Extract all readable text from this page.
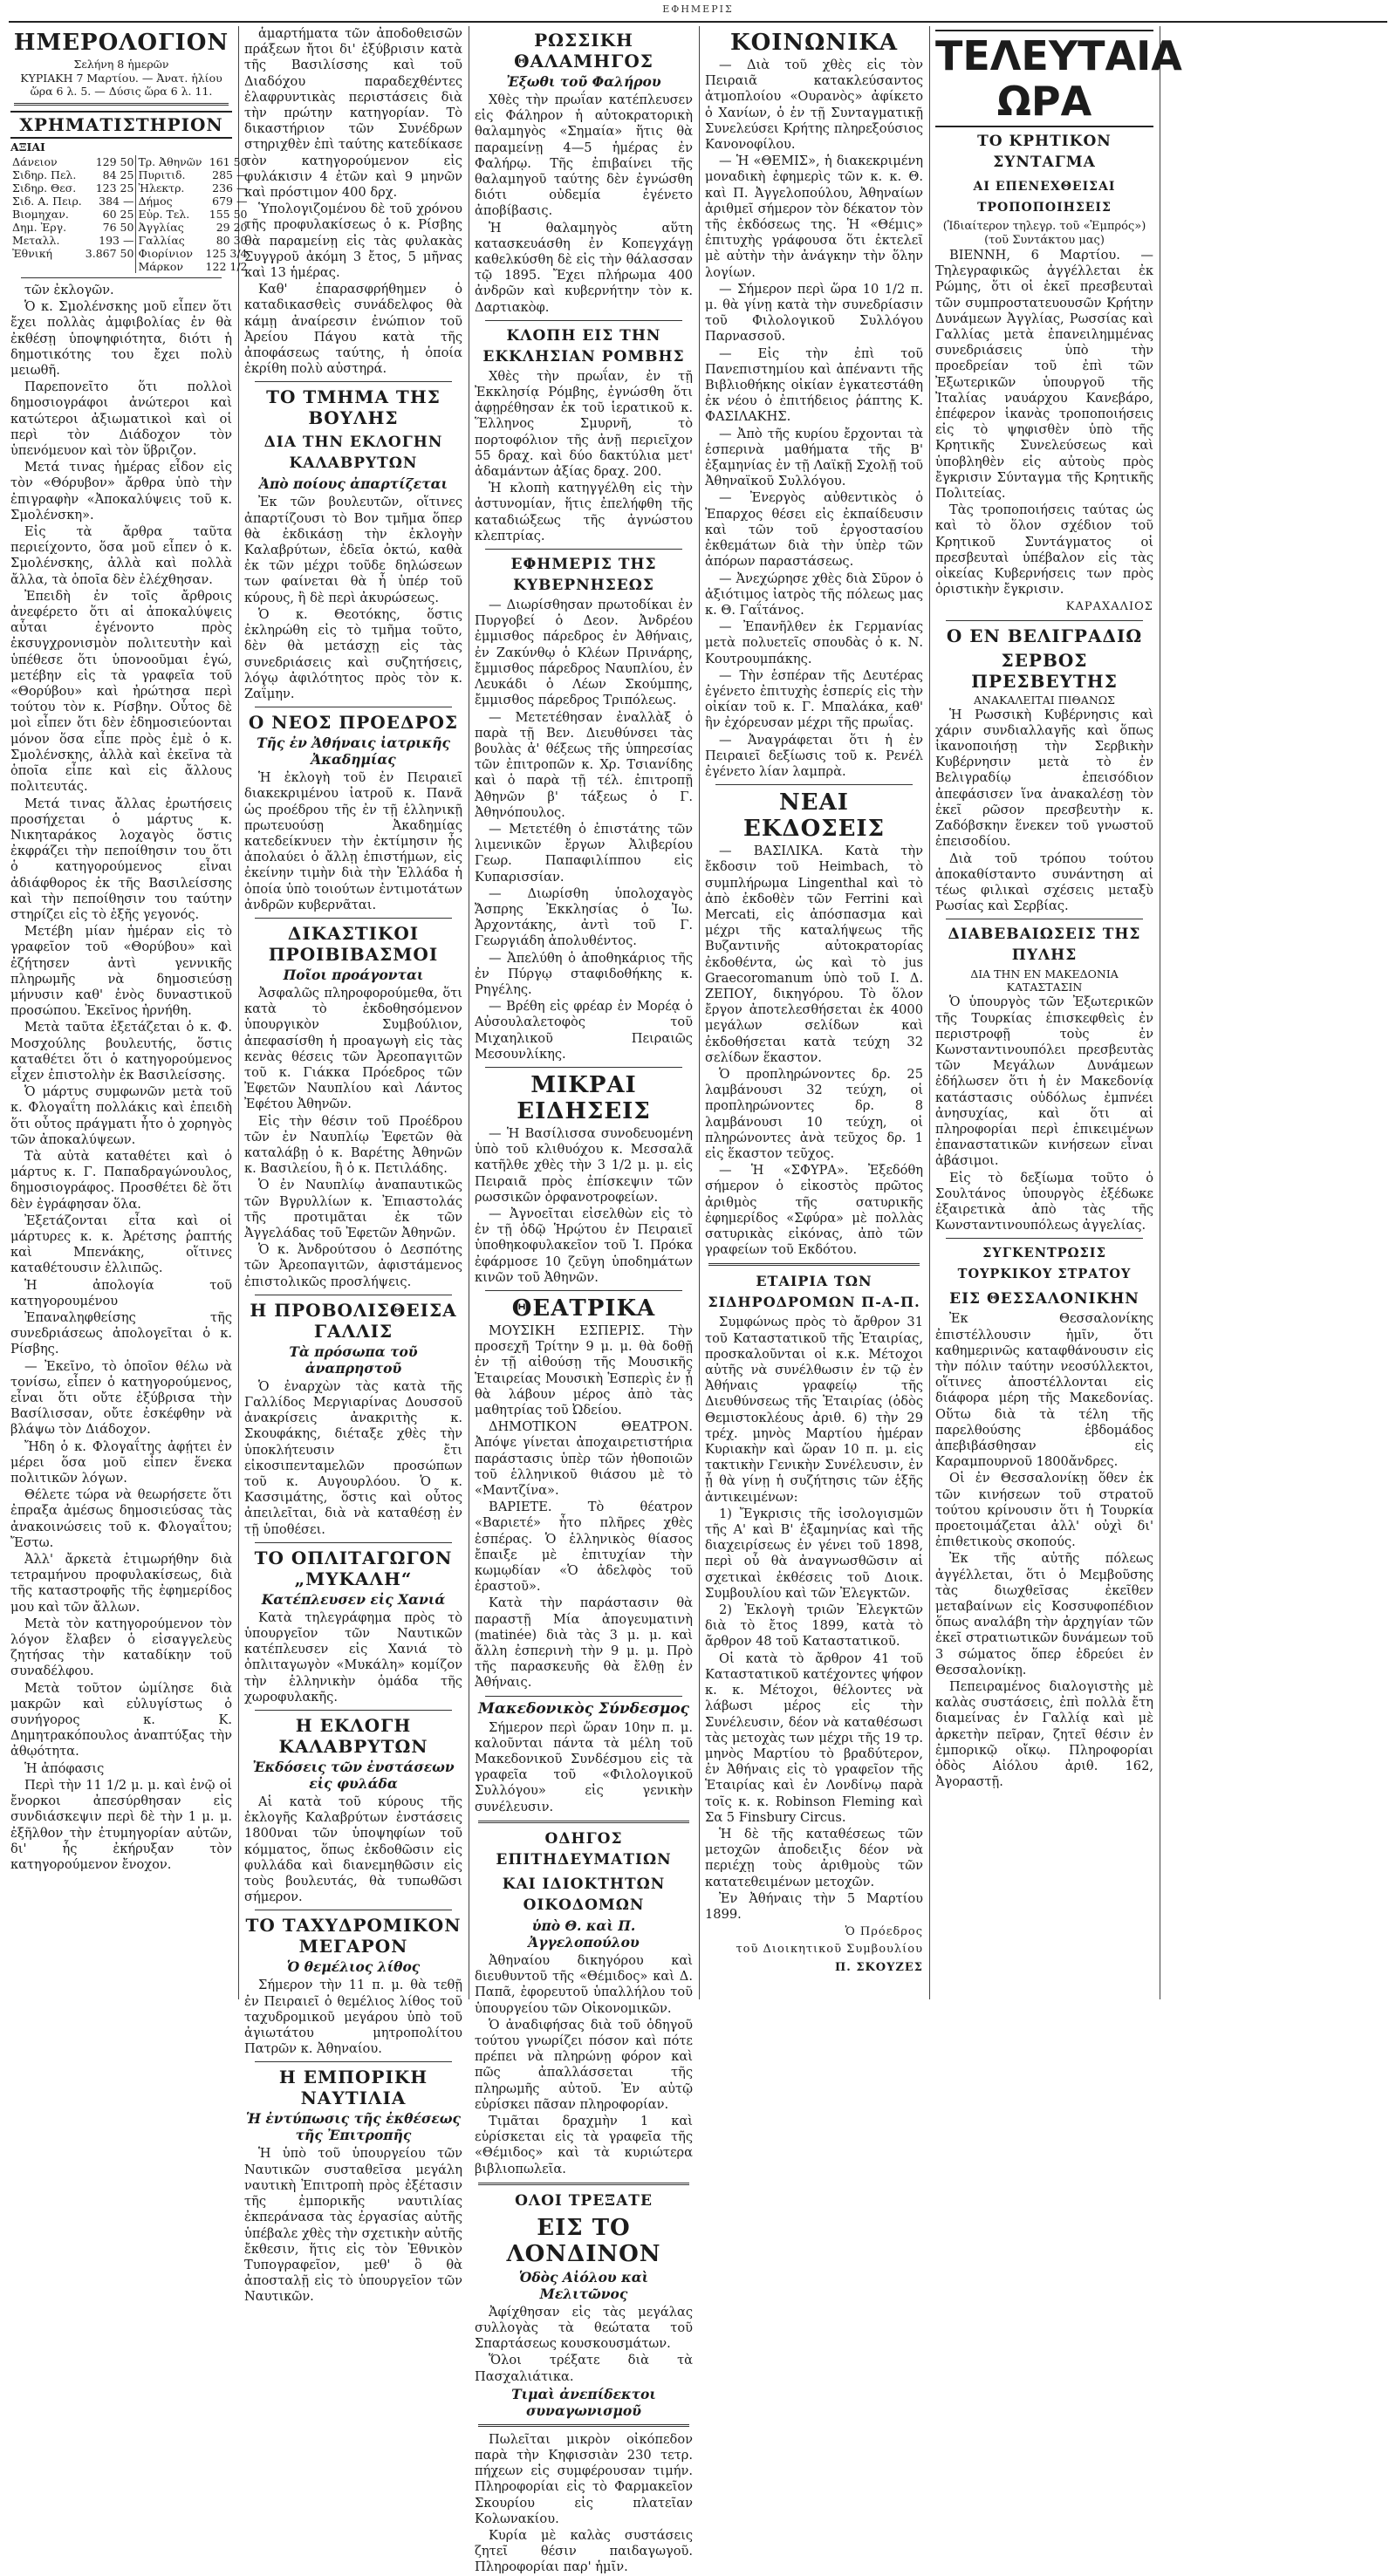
ΕΦΗΜΕΡΙΣ
ΗΜΕΡΟΛΟΓΙΟΝ
Σελήνη 8 ἡμερῶν
ΚΥΡΙΑΚΗ 7 Μαρτίου. — Ἀνατ. ἡλίου ὥρα 6 λ. 5. — Δύσις ὥρα 6 λ. 11.
ΧΡΗΜΑΤΙΣΤΗΡΙΟΝ
ΑΞΙΑΙ
Δάνειον	129 50	Τρ. Ἀθηνῶν	161 50
Σιδηρ. Πελ.	84 25	Πυριτιδ.	285 —
Σιδηρ. Θεσ.	123 25	Ἠλεκτρ.	236 —
Σιδ. Α. Πειρ.	384 —	Δήμος	679 —
Βιομηχαν.	60 25	Εὐρ. Τελ.	155 50
Δημ. Ἐργ.	76 50	Ἀγγλίας	29 20
Μεταλλ.	193 —	Γαλλίας	80 30
Ἐθνική	3.867 50	Φιορίνιον	125 3/4
		Μάρκον	122 1/2

τῶν ἐκλογῶν.

Ὁ κ. Σμολένσκης μοῦ εἶπεν ὅτι ἔχει πολλὰς ἀμφιβολίας ἐν θὰ ἐκθέσῃ ὑποψηφιότητα, διότι ἡ δημοτικότης του ἔχει πολὺ μειωθῆ.

Παρεπονεῖτο ὅτι πολλοὶ δημοσιογράφοι ἀνώτεροι καὶ κατώτεροι ἀξιωματικοὶ καὶ οἱ περὶ τὸν Διάδοχον τὸν ὑπενόμευον καὶ τὸν ὕβριζον.

Μετά τινας ἡμέρας εἶδον εἰς τὸν «Θόρυβον» ἄρθρα ὑπὸ τὴν ἐπιγραφὴν «Ἀποκαλύψεις τοῦ κ. Σμολένσκη».

Εἰς τὰ ἄρθρα ταῦτα περιείχοντο, ὅσα μοῦ εἶπεν ὁ κ. Σμολένσκης, ἀλλὰ καὶ πολλὰ ἄλλα, τὰ ὁποῖα δὲν ἐλέχθησαν.

Ἐπειδὴ ἐν τοῖς ἄρθροις ἀνεφέρετο ὅτι αἱ ἀποκαλύψεις αὗται ἐγένοντο πρὸς ἐκσυγχρονισμὸν πολιτευτὴν καὶ ὑπέθεσε ὅτι ὑπονοοῦμαι ἐγώ, μετέβην εἰς τὰ γραφεῖα τοῦ «Θορύβου» καὶ ἠρώτησα περὶ τούτου τὸν κ. Ρίσβην. Οὗτος δὲ μοὶ εἶπεν ὅτι δὲν ἐδημοσιεύονται μόνον ὅσα εἶπε πρὸς ἐμὲ ὁ κ. Σμολένσκης, ἀλλὰ καὶ ἐκεῖνα τὰ ὁποῖα εἶπε καὶ εἰς ἄλλους πολιτευτάς.

Μετά τινας ἄλλας ἐρωτήσεις προσήχεται ὁ μάρτυς κ. Νικηταράκος λοχαγὸς ὅστις ἐκφράζει τὴν πεποίθησιν του ὅτι ὁ κατηγορούμενος εἶναι ἀδιάφθορος ἐκ τῆς Βασιλείσσης καὶ τὴν πεποίθησιν του ταύτην στηρίζει εἰς τὸ ἐξῆς γεγονός.

Μετέβη μίαν ἡμέραν εἰς τὸ γραφεῖον τοῦ «Θορύβου» καὶ ἐζήτησεν ἀντὶ γεννικῆς πληρωμῆς νὰ δημοσιεύσῃ μήνυσιν καθ' ἑνὸς δυναστικοῦ προσώπου. Ἐκεῖνος ἠρνήθη.

Μετὰ ταῦτα ἐξετάζεται ὁ κ. Φ. Μοσχούλης βουλευτής, ὅστις καταθέτει ὅτι ὁ κατηγορούμενος εἶχεν ἐπιστολὴν ἐκ Βασιλείσσης.

Ὁ μάρτυς συμφωνῶν μετὰ τοῦ κ. Φλογαΐτη πολλάκις καὶ ἐπειδὴ ὅτι οὗτος πράγματι ἦτο ὁ χορηγὸς τῶν ἀποκαλύψεων.

Τὰ αὐτὰ καταθέτει καὶ ὁ μάρτυς κ. Γ. Παπαδραγώνουλος, δημοσιογράφος. Προσθέτει δὲ ὅτι δὲν ἐγράφησαν ὅλα.

Ἐξετάζονται εἶτα καὶ οἱ μάρτυρες κ. κ. Ἀρέτσης ῥαπτής καὶ Μπενάκης, οἵτινες καταθέτουσιν ἐλλιπῶς.

Ἡ ἀπολογία τοῦ κατηγορουμένου

Ἐπαναληφθείσης τῆς συνεδριάσεως ἀπολογεῖται ὁ κ. Ρίσβης.

— Ἐκεῖνο, τὸ ὁποῖον θέλω νὰ τονίσω, εἶπεν ὁ κατηγορούμενος, εἶναι ὅτι οὔτε ἐξύβρισα τὴν Βασίλισσαν, οὔτε ἐσκέφθην νὰ βλάψω τὸν Διάδοχον.

Ἤδη ὁ κ. Φλογαΐτης ἀφῄτει ἐν μέρει ὅσα μοῦ εἶπεν ἕνεκα πολιτικῶν λόγων.

Θέλετε τώρα νὰ θεωρήσετε ὅτι ἐπραξα ἀμέσως δημοσιεύσας τὰς ἀνακοινώσεις τοῦ κ. Φλογαΐτου; Ἔστω.

Ἀλλ' ἄρκετὰ ἐτιμωρήθην διὰ τετραμήνου προφυλακίσεως, διὰ τῆς καταστροφῆς τῆς ἐφημερίδος μου καὶ τῶν ἄλλων.

Μετὰ τὸν κατηγορούμενον τὸν λόγον ἔλαβεν ὁ εἰσαγγελεὺς ζητήσας τὴν καταδίκην τοῦ συναδέλφου.

Μετὰ τοῦτον ὡμίλησε διὰ μακρῶν καὶ εὐλυγίστως ὁ συνήγορος κ. Κ. Δημητρακόπουλος ἀναπτύξας τὴν ἀθῳότητα.

Ἡ ἀπόφασις

Περὶ τὴν 11 1/2 μ. μ. καὶ ἐνῷ οἱ ἔνορκοι ἀπεσύρθησαν εἰς συνδιάσκεψιν περὶ δὲ τὴν 1 μ. μ. ἐξῆλθον τὴν ἐτυμηγορίαν αὐτῶν, δι' ἧς ἐκήρυξαν τὸν κατηγορούμενον ἔνοχον.

ἁμαρτήματα τῶν ἀποδοθεισῶν πράξεων ἤτοι δι' ἐξύβρισιν κατὰ τῆς Βασιλίσσης καὶ τοῦ Διαδόχου παραδεχθέντες ἐλαφρυντικὰς περιστάσεις διὰ τὴν πρώτην κατηγορίαν. Τὸ δικαστήριον τῶν Συνέδρων στηριχθὲν ἐπὶ ταύτης κατεδίκασε τὸν κατηγορούμενον εἰς φυλάκισιν 4 ἐτῶν καὶ 9 μηνῶν καὶ πρόστιμον 400 δρχ.

Ὑπολογιζομένου δὲ τοῦ χρόνου τῆς προφυλακίσεως ὁ κ. Ρίσβης θὰ παραμείνῃ εἰς τὰς φυλακὰς Συγγροῦ ἀκόμη 3 ἔτος, 5 μῆνας καὶ 13 ἡμέρας.

Καθ' ἐπαρασφρήθημεν ὁ καταδικασθεὶς συνάδελφος θὰ κάμῃ ἀναίρεσιν ἐνώπιον τοῦ Ἀρείου Πάγου κατὰ τῆς ἀποφάσεως ταύτης, ἡ ὁποία ἐκρίθη πολὺ αὐστηρά.

ΤΟ ΤΜΗΜΑ ΤΗΣ ΒΟΥΛΗΣ
ΔΙΑ ΤΗΝ ΕΚΛΟΓΗΝ ΚΑΛΑΒΡΥΤΩΝ
Ἀπὸ ποίους ἀπαρτίζεται

Ἐκ τῶν βουλευτῶν, οἵτινες ἀπαρτίζουσι τὸ Βον τμῆμα ὅπερ θὰ ἐκδικάσῃ τὴν ἐκλογὴν Καλαβρύτων, ἐδεῖα ὀκτώ, καθὰ ἐκ τῶν μέχρι τοῦδε δηλώσεων των φαίνεται θὰ ἦ ὑπέρ τοῦ κύρους, ἢ δὲ περὶ ἀκυρώσεως.

Ὁ κ. Θεοτόκης, ὅστις ἐκληρώθη εἰς τὸ τμῆμα τοῦτο, δὲν θὰ μετάσχῃ εἰς τὰς συνεδριάσεις καὶ συζητήσεις, λόγῳ ἀφιλότητος πρὸς τὸν κ. Ζαΐμην.

Ο ΝΕΟΣ ΠΡΟΕΔΡΟΣ
Τῆς ἐν Ἀθήναις ἰατρικῆς Ἀκαδημίας

Ἡ ἐκλογὴ τοῦ ἐν Πειραιεῖ διακεκριμένου ἰατροῦ κ. Πανᾶ ὡς προέδρου τῆς ἐν τῇ ἑλληνικῇ πρωτευούσῃ Ἀκαδημίας κατεδείκνυεν τὴν ἐκτίμησιν ἧς ἀπολαύει ὁ ἄλλῃ ἐπιστήμων, εἰς ἐκείνην τιμὴν διὰ τὴν Ἑλλάδα ἡ ὁποία ὑπὸ τοιούτων ἐντιμοτάτων ἀνδρῶν κυβερνᾶται.

ΔΙΚΑΣΤΙΚΟΙ ΠΡΟΙΒΙΒΑΣΜΟΙ
Ποῖοι προάγονται

Ἀσφαλῶς πληροφορούμεθα, ὅτι κατὰ τὸ ἐκδοθησόμενον ὑπουργικὸν Συμβούλιον, ἀπεφασίσθη ἡ προαγωγὴ εἰς τὰς κενὰς θέσεις τῶν Ἀρεοπαγιτῶν τοῦ κ. Γιάκκα Πρόεδρος τῶν Ἐφετῶν Ναυπλίου καὶ Λάντος Ἐφέτου Ἀθηνῶν.

Εἰς τὴν θέσιν τοῦ Προέδρου τῶν ἐν Ναυπλίῳ Ἐφετῶν θὰ καταλάβῃ ὁ κ. Βαρέτης Ἀθηνῶν κ. Βασιλείου, ἢ ὁ κ. Πετιλάδης.

Ὁ ἐν Ναυπλίῳ ἀναπαυτικῶς τῶν Βγρυλλίων κ. Ἐπιαστολάς τῆς προτιμᾶται ἐκ τῶν Ἀγγελάδας τοῦ Ἐφετῶν Ἀθηνῶν.

Ὁ κ. Ἀνδρούτσου ὁ Δεσπότης τῶν Ἀρεοπαγιτῶν, ἀφιστάμενος ἐπιστολικῶς προσλήψεις.

Η ΠΡΟΒΟΛΙΣΘΕΙΣΑ ΓΑΛΛΙΣ
Τὰ πρόσωπα τοῦ ἀναπρηστοῦ

Ὁ ἐναρχὼν τὰς κατὰ τῆς Γαλλίδος Μεργιαρίνας Δουσσοῦ ἀνακρίσεις ἀνακριτὴς κ. Σκουφάκης, διέταξε χθὲς τὴν ὑποκλήτευσιν ἔτι εἰκοσιπενταμελῶν προσώπων τοῦ κ. Αυγουρλόου. Ὁ κ. Κασσιμάτης, ὅστις καὶ οὗτος ἀπειλεῖται, διὰ νὰ καταθέσῃ ἐν τῇ ὑποθέσει.

ΤΟ ΟΠΛΙΤΑΓΩΓΟΝ „ΜΥΚΑΛΗ“
Κατέπλευσεν εἰς Χανιά

Κατὰ τηλεγράφημα πρὸς τὸ ὑπουργεῖον τῶν Ναυτικῶν κατέπλευσεν εἰς Χανιά τὸ ὁπλιταγωγὸν «Μυκάλη» κομίζον τὴν ἑλληνικὴν ὁμάδα τῆς χωροφυλακῆς.

Η ΕΚΛΟΓΗ ΚΑΛΑΒΡΥΤΩΝ
Ἐκδόσεις τῶν ἐνστάσεων εἰς φυλάδα

Αἱ κατὰ τοῦ κύρους τῆς ἐκλογῆς Καλαβρύτων ἐνστάσεις 1800ναι τῶν ὑποψηφίων τοῦ κόμματος, ὅπως ἐκδοθῶσιν εἰς φυλλάδα καὶ διανεμηθῶσιν εἰς τοὺς βουλευτάς, θὰ τυπωθῶσι σήμερον.

ΤΟ ΤΑΧΥΔΡΟΜΙΚΟΝ ΜΕΓΑΡΟΝ
Ὁ θεμέλιος λίθος

Σήμερον τὴν 11 π. μ. θὰ τεθῇ ἐν Πειραιεῖ ὁ θεμέλιος λίθος τοῦ ταχυδρομικοῦ μεγάρου ὑπὸ τοῦ ἀγιωτάτου μητροπολίτου Πατρῶν κ. Ἀθηναίου.

Η ΕΜΠΟΡΙΚΗ ΝΑΥΤΙΛΙΑ
Ἡ ἐντύπωσις τῆς ἐκθέσεως τῆς Ἐπιτροπῆς

Ἡ ὑπὸ τοῦ ὑπουργείου τῶν Ναυτικῶν συσταθεῖσα μεγάλη ναυτικὴ Ἐπιτροπὴ πρὸς ἐξέτασιν τῆς ἐμπορικῆς ναυτιλίας ἐκπεράνασα τὰς ἐργασίας αὐτῆς ὑπέβαλε χθὲς τὴν σχετικὴν αὐτῆς ἔκθεσιν, ἥτις εἰς τὸν Ἐθνικὸν Τυπογραφεῖον, μεθ' ὃ θὰ ἀποσταλῇ εἰς τὸ ὑπουργεῖον τῶν Ναυτικῶν.

ΡΩΣΣΙΚΗ ΘΑΛΑΜΗΓΟΣ
Ἐξωθι τοῦ Φαλήρου

Χθὲς τὴν πρωΐαν κατέπλευσεν εἰς Φάληρον ἡ αὐτοκρατορικὴ θαλαμηγὸς «Σημαία» ἥτις θὰ παραμείνῃ 4—5 ἡμέρας ἐν Φαλήρῳ. Τῆς ἐπιβαίνει τῆς θαλαμηγοῦ ταύτης δὲν ἐγνώσθη διότι οὐδεμία ἐγένετο ἀποβίβασις.

Ἡ θαλαμηγὸς αὕτη κατασκευάσθη ἐν Κοπεγχάγῃ καθελκύσθη δὲ εἰς τὴν θάλασσαν τῷ 1895. Ἔχει πλήρωμα 400 ἀνδρῶν καὶ κυβερνήτην τὸν κ. Δαρτιακὸφ.

ΚΛΟΠΗ ΕΙΣ ΤΗΝ ΕΚΚΛΗΣΙΑΝ ΡΟΜΒΗΣ

Χθὲς τὴν πρωΐαν, ἐν τῇ Ἐκκλησίᾳ Ρόμβης, ἐγνώσθη ὅτι ἀφῃρέθησαν ἐκ τοῦ ἱερατικοῦ κ. Ἕλληνος Σμυρνῆ, τὸ πορτοφόλιον τῆς ἀνῇ περιεῖχον 55 δραχ. καὶ δύο δακτύλια μετ' ἀδαμάντων ἀξίας δραχ. 200.

Ἡ κλοπὴ κατηγγέλθη εἰς τὴν ἀστυνομίαν, ἥτις ἐπελήφθη τῆς καταδιώξεως τῆς ἀγνώστου κλεπτρίας.

ΕΦΗΜΕΡΙΣ ΤΗΣ ΚΥΒΕΡΝΗΣΕΩΣ

— Διωρίσθησαν πρωτοδίκαι ἐν Πυργοβεί ὁ Δεον. Ἀνδρέου ἐμμισθος πάρεδρος ἐν Ἀθήναις, ἐν Ζακύνθῳ ὁ Κλέων Πρινάρης, ἔμμισθος πάρεδρος Ναυπλίου, ἐν Λευκάδι ὁ Λέων Σκούμπης, ἔμμισθος πάρεδρος Τριπόλεως.

— Μετετέθησαν ἐναλλὰξ ὁ παρὰ τῇ Βεν. Διευθύνσει τὰς βουλὰς ἀ' θέξεως τῆς ὑπηρεσίας τῶν ἐπιτροπῶν κ. Χρ. Τσιανίδης καὶ ὁ παρὰ τῇ τέλ. ἐπιτροπῇ Ἀθηνῶν β' τάξεως ὁ Γ. Ἀθηνόπουλος.

— Μετετέθη ὁ ἐπιστάτης τῶν λιμενικῶν ἔργων Ἀλιβερίου Γεωρ. Παπαφιλίππου εἰς Κυπαρισσίαν.

— Διωρίσθη ὑπολοχαγὸς Ἄσπρης Ἐκκλησίας ὁ Ἰω. Ἀρχοντάκης, ἀντὶ τοῦ Γ. Γεωργιάδη ἀπολυθέντος.

— Ἀπελύθη ὁ ἀποθηκάριος τῆς ἐν Πύργῳ σταφιδοθήκης κ. Ρηγέλης.

— Βρέθη εἰς φρέαρ ἐν Μορέᾳ ὁ Αὐσουλαλετοφὸς τοῦ Μιχαηλικοῦ Πειραιῶς Μεσουνλίκης.

ΜΙΚΡΑΙ ΕΙΔΗΣΕΙΣ

— Ἡ Βασίλισσα συνοδευομένη ὑπὸ τοῦ κλιθυόχου κ. Μεσσαλᾶ κατῆλθε χθὲς τὴν 3 1/2 μ. μ. εἰς Πειραιᾶ πρὸς ἐπίσκεψιν τῶν ρωσσικῶν ὀρφανοτροφείων.

— Ἀγνοεῖται εἰσελθὼν εἰς τὸ ἐν τῇ ὁδῷ Ἡρῴτου ἐν Πειραιεῖ ὑποθηκοφυλακεῖον τοῦ Ἰ. Πρόκα ἐφάρμοσε 10 ζεῦγη ὑποδημάτων κινῶν τοῦ Ἀθηνῶν.

ΘΕΑΤΡΙΚΑ

ΜΟΥΣΙΚΗ ΕΣΠΕΡΙΣ. Τὴν προσεχῆ Τρίτην 9 μ. μ. θὰ δοθῇ ἐν τῇ αἰθούσῃ τῆς Μουσικῆς Ἑταιρείας Μουσικὴ Ἑσπερὶς ἐν ᾗ θὰ λάβουν μέρος ἀπὸ τὰς μαθητρίας τοῦ Ὠδείου.

ΔΗΜΟΤΙΚΟΝ ΘΕΑΤΡΟΝ. Ἀπόψε γίνεται ἀποχαιρετιστήρια παράστασις ὑπὲρ τῶν ἠθοποιῶν τοῦ ἑλληνικοῦ θιάσου μὲ τὸ «Μαντζίνα».

ΒΑΡΙΕΤΕ. Τὸ θέατρον «Βαριετέ» ἦτο πλῆρες χθὲς ἐσπέρας. Ὁ ἑλληνικὸς θίασος ἔπαιξε μὲ ἐπιτυχίαν τὴν κωμῳδίαν «Ὁ ἀδελφὸς τοῦ ἐραστοῦ».

Κατὰ τὴν παράστασιν θὰ παραστῇ Μία ἀπογευματινὴ (matinée) διὰ τὰς 3 μ. μ. καὶ ἄλλη ἐσπερινὴ τὴν 9 μ. μ. Πρὸ τῆς παρασκευῆς θὰ ἔλθῃ ἐν Ἀθήναις.

Μακεδονικὸς Σύνδεσμος

Σήμερον περὶ ὥραν 10ην π. μ. καλοῦνται πάντα τὰ μέλη τοῦ Μακεδονικοῦ Συνδέσμου εἰς τὰ γραφεῖα τοῦ «Φιλολογικοῦ Συλλόγου» εἰς γενικὴν συνέλευσιν.

ΟΔΗΓΟΣ ΕΠΙΤΗΔΕΥΜΑΤΙΩΝ
ΚΑΙ ΙΔΙΟΚΤΗΤΩΝ ΟΙΚΟΔΟΜΩΝ
ὑπὸ Θ. καὶ Π. Ἀγγελοπούλου

Ἀθηναίου δικηγόρου καὶ διευθυντοῦ τῆς «Θέμιδος» καὶ Δ. Παπᾶ, ἐφορευτοῦ ὑπαλλήλου τοῦ ὑπουργείου τῶν Οἰκονομικῶν.

Ὁ ἀναδιφήσας διὰ τοῦ ὁδηγοῦ τούτου γνωρίζει πόσον καὶ πότε πρέπει νὰ πληρώνῃ φόρον καὶ πῶς ἀπαλλάσσεται τῆς πληρωμῆς αὐτοῦ. Ἐν αὐτῷ εὑρίσκει πᾶσαν πληροφορίαν.

Τιμᾶται δραχμὴν 1 καὶ εὑρίσκεται εἰς τὰ γραφεῖα τῆς «Θέμιδος» καὶ τὰ κυριώτερα βιβλιοπωλεῖα.

ΟΛΟΙ ΤΡΕΞΑΤΕ
ΕΙΣ ΤΟ ΛΟΝΔΙΝΟΝ
Ὁδὸς Αἰόλου καὶ Μελιτῶνος

Ἀφίχθησαν εἰς τὰς μεγάλας συλλογὰς τὰ θεώτατα τοῦ Σπαρτάσεως κουσκουσμάτων.

Ὅλοι τρέξατε διὰ τὰ Πασχαλιάτικα.

Τιμαὶ ἀνεπίδεκτοι συναγωνισμοῦ

Πωλεῖται μικρὸν οἰκόπεδον παρὰ τὴν Κηφισσιὰν 230 τετρ. πήχεων εἰς συμφέρουσαν τιμήν. Πληροφορίαι εἰς τὸ Φαρμακεῖον Σκουρίου εἰς πλατεῖαν Κολωνακίου.

Κυρία μὲ καλὰς συστάσεις ζητεῖ θέσιν παιδαγωγοῦ. Πληροφορίαι παρ' ἡμῖν.

ΚΟΙΝΩΝΙΚΑ

— Διὰ τοῦ χθὲς εἰς τὸν Πειραιᾶ κατακλεύσαντος ἀτμοπλοίου «Ουρανὸς» ἀφίκετο ὁ Χανίων, ὁ ἐν τῇ Συνταγματικῇ Συνελεύσει Κρήτης πληρεξούσιος Κανονοφίλου.

— Ἡ «ΘΕΜΙΣ», ἡ διακεκριμένη μοναδικὴ ἐφημερὶς τῶν κ. κ. Θ. καὶ Π. Ἀγγελοπούλου, Ἀθηναίων ἀριθμεῖ σήμερον τὸν δέκατον τὸν τῆς ἐκδόσεως της. Ἡ «Θέμις» ἐπιτυχὴς γράφουσα ὅτι ἐκτελεῖ μὲ αὐτὴν τὴν ἀνάγκην τὴν ὅλην λογίων.

— Σήμερον περὶ ὥρα 10 1/2 π. μ. θὰ γίνῃ κατὰ τὴν συνεδρίασιν τοῦ Φιλολογικοῦ Συλλόγου Παρνασσοῦ.

— Εἰς τὴν ἐπὶ τοῦ Πανεπιστημίου καὶ ἀπέναντι τῆς Βιβλιοθήκης οἰκίαν ἐγκατεστάθη ἐκ νέου ὁ ἐπιτήδειος ῥάπτης Κ. ΦΑΣΙΛΑΚΗΣ.

— Ἀπὸ τῆς κυρίου ἔρχονται τὰ ἑσπερινὰ μαθήματα τῆς Β' ἐξαμηνίας ἐν τῇ Λαϊκῇ Σχολῇ τοῦ Ἀθηναϊκοῦ Συλλόγου.

— Ἐνεργὸς αὐθεντικὸς ὁ Ἐπαρχος θέσει εἰς ἐκπαίδευσιν καὶ τῶν τοῦ ἐργοστασίου ἐκθεμάτων διὰ τὴν ὑπὲρ τῶν ἀπόρων παραστάσεως.

— Ἀνεχώρησε χθὲς διὰ Σῦρον ὁ ἀξιότιμος ἰατρὸς τῆς πόλεως μας κ. Θ. Γαΐτάνος.

— Ἐπανῆλθεν ἐκ Γερμανίας μετὰ πολυετεῖς σπουδὰς ὁ κ. Ν. Κουτρουμπάκης.

— Τὴν ἑσπέραν τῆς Δευτέρας ἐγένετο ἐπιτυχὴς ἑσπερίς εἰς τὴν οἰκίαν τοῦ κ. Γ. Μπαλάκα, καθ' ἣν ἐχόρευσαν μέχρι τῆς πρωΐας.

— Ἀναγράφεται ὅτι ἡ ἐν Πειραιεῖ δεξίωσις τοῦ κ. Ρενέλ ἐγένετο λίαν λαμπρὰ.

ΝΕΑΙ ΕΚΔΟΣΕΙΣ

— ΒΑΣΙΛΙΚΑ. Κατὰ τὴν ἔκδοσιν τοῦ Heimbach, τὸ συμπλήρωμα Lingenthal καὶ τὸ ἀπὸ ἐκδοθὲν τῶν Ferrini καὶ Mercati, εἰς ἀπόσπασμα καὶ μέχρι τῆς καταλήψεως τῆς Βυζαντινῆς αὐτοκρατορίας ἐκδοθέντα, ὡς καὶ τὸ jus Graecoromanum ὑπὸ τοῦ Ι. Δ. ΖΕΠΟΥ, δικηγόρου. Τὸ ὅλον ἔργον ἀποτελεσθήσεται ἐκ 4000 μεγάλων σελίδων καὶ ἐκδοθήσεται κατὰ τεύχη 32 σελίδων ἕκαστον.

Ὁ προπληρώνοντες δρ. 25 λαμβάνουσι 32 τεύχη, οἱ προπληρώνοντες δρ. 8 λαμβάνουσι 10 τεύχη, οἱ πληρώνοντες ἀνὰ τεῦχος δρ. 1 εἰς ἕκαστον τεῦχος.

— Ἡ «ΣΦΥΡΑ». Ἐξεδόθη σήμερον ὁ εἰκοστὸς πρῶτος ἀριθμὸς τῆς σατυρικῆς ἐφημερίδος «Σφύρα» μὲ πολλὰς σατυρικὰς εἰκόνας, ἀπὸ τῶν γραφείων τοῦ Εκδότου.

ΕΤΑΙΡΙΑ ΤΩΝ ΣΙΔΗΡΟΔΡΟΜΩΝ Π-Α-Π.

Συμφώνως πρὸς τὸ ἄρθρον 31 τοῦ Καταστατικοῦ τῆς Ἑταιρίας, προσκαλοῦνται οἱ κ.κ. Μέτοχοι αὐτῆς νὰ συνέλθωσιν ἐν τῷ ἐν Ἀθήναις γραφείῳ τῆς Διευθύνσεως τῆς Ἑταιρίας (ὁδὸς Θεμιστοκλέους ἀριθ. 6) τὴν 29 τρέχ. μηνὸς Μαρτίου ἡμέραν Κυριακὴν καὶ ὥραν 10 π. μ. εἰς τακτικὴν Γενικὴν Συνέλευσιν, ἐν ᾗ θὰ γίνῃ ἡ συζήτησις τῶν ἑξῆς ἀντικειμένων:

1) Ἔγκρισις τῆς ἰσολογισμῶν τῆς Α' καὶ Β' ἐξαμηνίας καὶ τῆς διαχειρίσεως ἐν γένει τοῦ 1898, περὶ οὗ θὰ ἀναγνωσθῶσιν αἱ σχετικαὶ ἐκθέσεις τοῦ Διοικ. Συμβουλίου καὶ τῶν Ἐλεγκτῶν.

2) Ἐκλογὴ τριῶν Ἐλεγκτῶν διὰ τὸ ἔτος 1899, κατὰ τὸ ἄρθρον 48 τοῦ Καταστατικοῦ.

Οἱ κατὰ τὸ ἄρθρον 41 τοῦ Καταστατικοῦ κατέχοντες ψήφον κ. κ. Μέτοχοι, θέλοντες νὰ λάβωσι μέρος εἰς τὴν Συνέλευσιν, δέον νὰ καταθέσωσι τὰς μετοχὰς των μέχρι τῆς 19 τρ. μηνὸς Μαρτίου τὸ βραδύτερον, ἐν Ἀθήναις εἰς τὸ γραφεῖον τῆς Ἑταιρίας καὶ ἐν Λονδίνῳ παρὰ τοῖς κ. κ. Robinson Fleming καὶ Σα 5 Finsbury Circus.

Ἡ δὲ τῆς καταθέσεως τῶν μετοχῶν ἀποδειξις δέον νὰ περιέχῃ τοὺς ἀριθμοὺς τῶν κατατεθειμένων μετοχῶν.

Ἐν Ἀθήναις τὴν 5 Μαρτίου 1899.

Ὁ Πρόεδρος
τοῦ Διοικητικοῦ Συμβουλίου
Π. ΣΚΟΥΖΕΣ
ΤΕΛΕΥΤΑΙΑ ΩΡΑ
ΤΟ ΚΡΗΤΙΚΟΝ ΣΥΝΤΑΓΜΑ
ΑΙ ΕΠΕΝΕΧΘΕΙΣΑΙ ΤΡΟΠΟΠΟΙΗΣΕΙΣ
(Ἰδιαίτερον τηλεγρ. τοῦ «Ἐμπρός») (τοῦ Συντάκτου μας)

ΒΙΕΝΝΗ, 6 Μαρτίου. — Τηλεγραφικῶς ἀγγέλλεται ἐκ Ρώμης, ὅτι οἱ ἐκεῖ πρεσβευταὶ τῶν συμπροστατευουσῶν Κρήτην Δυνάμεων Ἀγγλίας, Ρωσσίας καὶ Γαλλίας μετὰ ἐπανειλημμένας συνεδριάσεις ὑπὸ τὴν προεδρείαν τοῦ ἐπὶ τῶν Ἐξωτερικῶν ὑπουργοῦ τῆς Ἰταλίας ναυάρχου Κανεβάρο, ἐπέφερον ἱκανὰς τροποποιήσεις εἰς τὸ ψηφισθὲν ὑπὸ τῆς Κρητικῆς Συνελεύσεως καὶ ὑποβληθὲν εἰς αὐτοὺς πρὸς ἔγκρισιν Σύνταγμα τῆς Κρητικῆς Πολιτείας.

Τὰς τροποποιήσεις ταύτας ὡς καὶ τὸ ὅλον σχέδιον τοῦ Κρητικοῦ Συντάγματος οἱ πρεσβευταὶ ὑπέβαλον εἰς τὰς οἰκείας Κυβερνήσεις των πρὸς ὁριστικὴν ἔγκρισιν.

ΚΑΡΑΧΑΛΙΟΣ
Ο ΕΝ ΒΕΛΙΓΡΑΔΙΩ
ΣΕΡΒΟΣ ΠΡΕΣΒΕΥΤΗΣ
ΑΝΑΚΑΛΕΙΤΑΙ ΠΙΘΑΝΩΣ

Ἡ Ρωσσικὴ Κυβέρνησις καὶ χάριν συνδιαλλαγῆς καὶ ὅπως ἱκανοποιήσῃ τὴν Σερβικὴν Κυβέρνησιν μετὰ τὸ ἐν Βελιγραδίῳ ἐπεισόδιον ἀπεφάσισεν ἵνα ἀνακαλέσῃ τὸν ἐκεῖ ρῶσον πρεσβευτὴν κ. Ζαδόβσκην ἕνεκεν τοῦ γνωστοῦ ἐπεισοδίου.

Διὰ τοῦ τρόπου τούτου ἀποκαθίσταντο συνάντηση αἱ τέως φιλικαὶ σχέσεις μεταξὺ Ρωσίας καὶ Σερβίας.

ΔΙΑΒΕΒΑΙΩΣΕΙΣ ΤΗΣ ΠΥΛΗΣ
ΔΙΑ ΤΗΝ ΕΝ ΜΑΚΕΔΟΝΙΑ ΚΑΤΑΣΤΑΣΙΝ

Ὁ ὑπουργὸς τῶν Ἐξωτερικῶν τῆς Τουρκίας ἐπισκεφθεὶς ἐν περιστροφῇ τοὺς ἐν Κωνσταντινουπόλει πρεσβευτὰς τῶν Μεγάλων Δυνάμεων ἐδήλωσεν ὅτι ἡ ἐν Μακεδονίᾳ κατάστασις οὐδόλως ἐμπνέει ἀνησυχίας, καὶ ὅτι αἱ πληροφορίαι περὶ ἐπικειμένων ἐπαναστατικῶν κινήσεων εἶναι ἀβάσιμοι.

Εἰς τὸ δεξίωμα τοῦτο ὁ Σουλτάνος ὑπουργὸς ἐξέδωκε ἐξαιρετικὰ ἀπὸ τὰς τῆς Κωνσταντινουπόλεως ἀγγελίας.

ΣΥΓΚΕΝΤΡΩΣΙΣ ΤΟΥΡΚΙΚΟΥ ΣΤΡΑΤΟΥ
ΕΙΣ ΘΕΣΣΑΛΟΝΙΚΗΝ

Ἐκ Θεσσαλονίκης ἐπιστέλλουσιν ἡμῖν, ὅτι καθημερινῶς καταφθάνουσιν εἰς τὴν πόλιν ταύτην νεοσύλλεκτοι, οἵτινες ἀποστέλλονται εἰς διάφορα μέρη τῆς Μακεδονίας. Οὕτω διὰ τὰ τέλη τῆς παρελθούσης ἑβδομάδος ἀπεβιβάσθησαν εἰς Καραμπουρνοῦ 1800ἄνδρες.

Οἱ ἐν Θεσσαλονίκῃ ὅθεν ἐκ τῶν κινήσεων τοῦ στρατοῦ τούτου κρίνουσιν ὅτι ἡ Τουρκία προετοιμάζεται ἀλλ' οὐχὶ δι' ἐπιθετικοὺς σκοπούς.

Ἐκ τῆς αὐτῆς πόλεως ἀγγέλλεται, ὅτι ὁ Μεμβοῦσης τὰς διωχθεῖσας ἐκεῖθεν μεταβαίνων εἰς Κοσσυφοπέδιον ὅπως αναλάβη τὴν ἀρχηγίαν τῶν ἐκεῖ στρατιωτικῶν δυνάμεων τοῦ 3 σώματος ὅπερ ἑδρεύει ἐν Θεσσαλονίκῃ.

Πεπειραμένος διαλογιστὴς μὲ καλὰς συστάσεις, ἐπὶ πολλὰ ἔτη διαμείνας ἐν Γαλλίᾳ καὶ μὲ ἀρκετὴν πεῖραν, ζητεῖ θέσιν ἐν ἐμπορικῷ οἴκῳ. Πληροφορίαι ὁδὸς Αἰόλου ἀριθ. 162, Ἀγοραστῇ.
